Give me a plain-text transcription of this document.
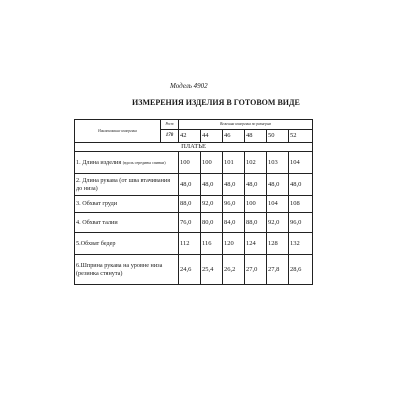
Модель 4902
ИЗМЕРЕНИЯ ИЗДЕЛИЯ В ГОТОВОМ ВИДЕ
Наименование измерения	Рост	Величина измерения по размерам					
	170	42	44	46	48	50	52
ПЛАТЬЕ							
1. Длина изделия (вдоль середины спинки)		100	100	101	102	103	104
2. Длина рукава (от шва втачивания до низа)		48,0	48,0	48,0	48,0	48,0	48,0
3. Обхват груди		88,0	92,0	96,0	100	104	108
4. Обхват талии		76,0	80,0	84,0	88,0	92,0	96,0
5.Обхват бедер		112	116	120	124	128	132
6.Шприна рукава на уровне низа (резинка стянута)		24,6	25,4	26,2	27,0	27,8	28,6
